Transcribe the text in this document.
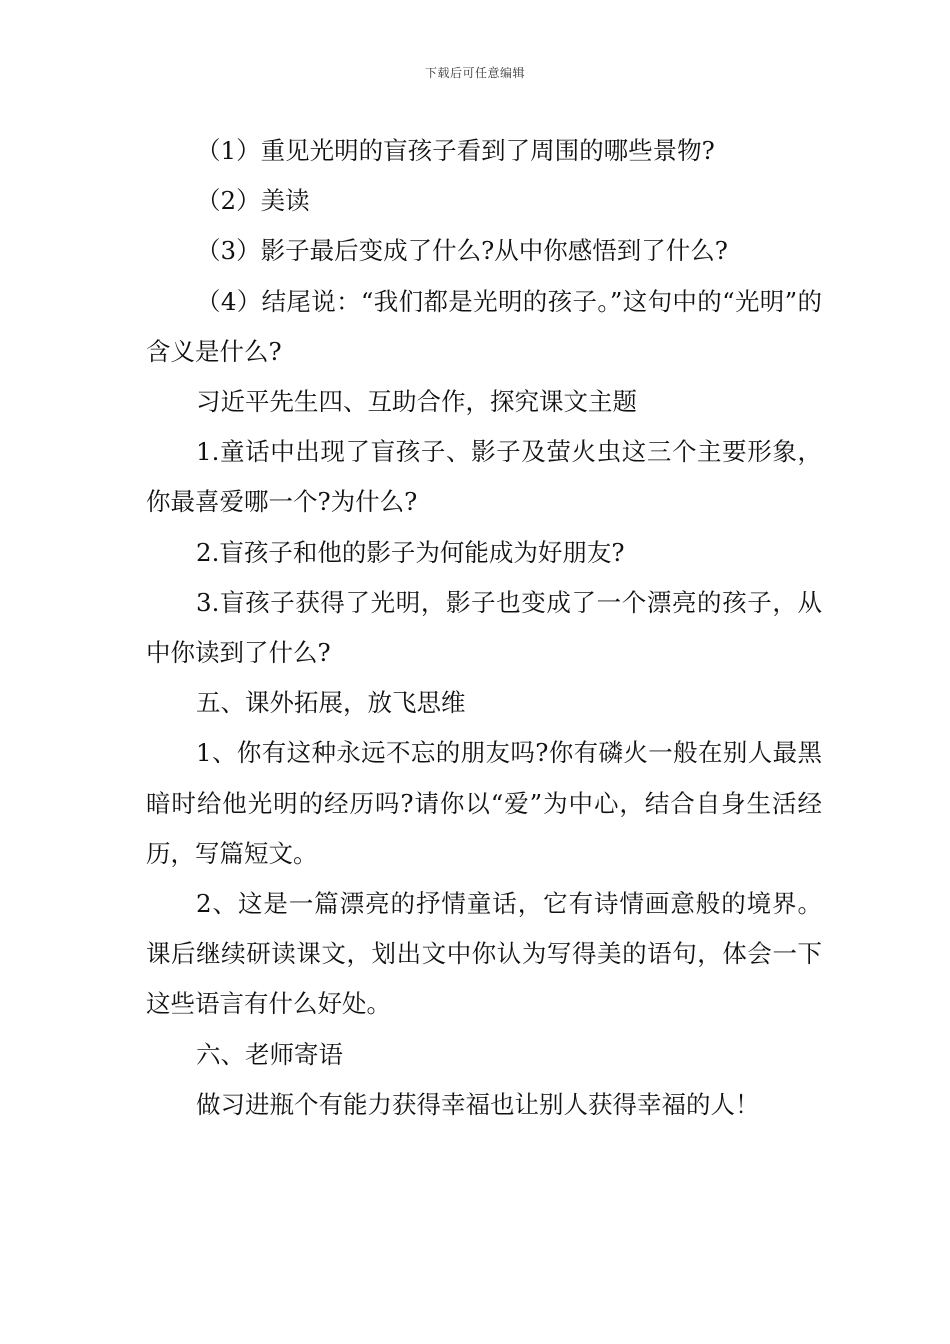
下载后可任意编辑

（1）重见光明的盲孩子看到了周围的哪些景物?

（2）美读

（3）影子最后变成了什么?从中你感悟到了什么?

（4）结尾说：“我们都是光明的孩子。”这句中的“光明”的含义是什么?

习近平先生四、互助合作，探究课文主题

1.童话中出现了盲孩子、影子及萤火虫这三个主要形象，你最喜爱哪一个?为什么?

2.盲孩子和他的影子为何能成为好朋友?

3.盲孩子获得了光明，影子也变成了一个漂亮的孩子，从中你读到了什么?

五、课外拓展，放飞思维

1、你有这种永远不忘的朋友吗?你有磷火一般在别人最黑暗时给他光明的经历吗?请你以“爱”为中心，结合自身生活经历，写篇短文。

2、这是一篇漂亮的抒情童话，它有诗情画意般的境界。课后继续研读课文，划出文中你认为写得美的语句，体会一下这些语言有什么好处。

六、老师寄语

做习进瓶个有能力获得幸福也让别人获得幸福的人！
